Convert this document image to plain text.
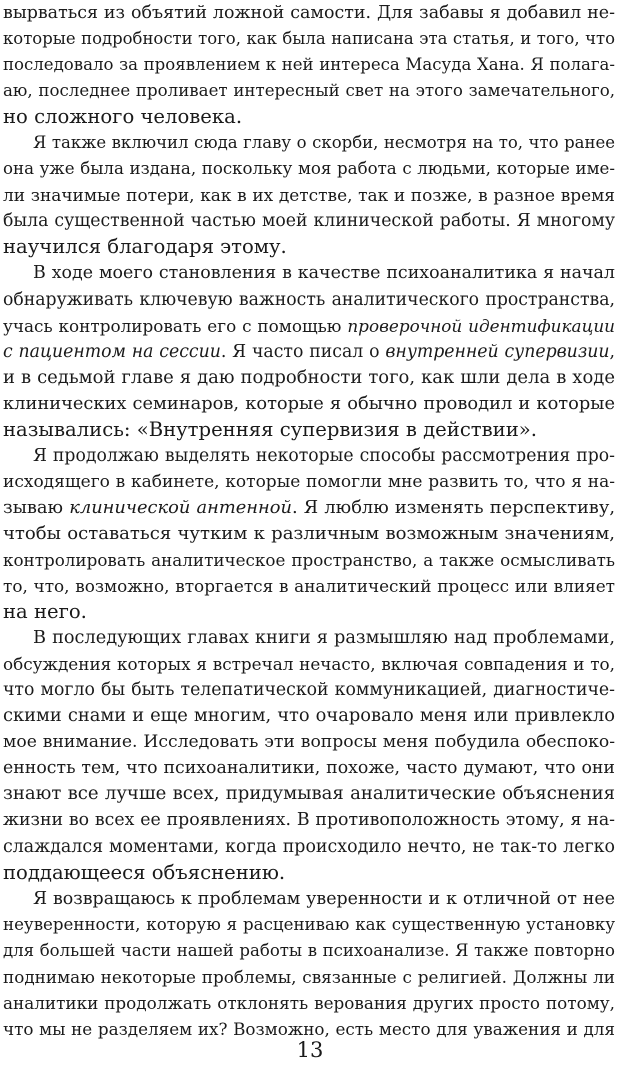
вырваться из объятий ложной самости. Для забавы я добавил не-
которые подробности того, как была написана эта статья, и того, что
последовало за проявлением к ней интереса Масуда Хана. Я полага-
аю, последнее проливает интересный свет на этого замечательного,
но сложного человека.
Я также включил сюда главу о скорби, несмотря на то, что ранее
она уже была издана, поскольку моя работа с людьми, которые име-
ли значимые потери, как в их детстве, так и позже, в разное время
была существенной частью моей клинической работы. Я многому
научился благодаря этому.
В ходе моего становления в качестве психоаналитика я начал
обнаруживать ключевую важность аналитического пространства,
учась контролировать его с помощью проверочной идентификации
с пациентом на сессии. Я часто писал о внутренней супервизии,
и в седьмой главе я даю подробности того, как шли дела в ходе
клинических семинаров, которые я обычно проводил и которые
назывались: «Внутренняя супервизия в действии».
Я продолжаю выделять некоторые способы рассмотрения про-
исходящего в кабинете, которые помогли мне развить то, что я на-
зываю клинической антенной. Я люблю изменять перспективу,
чтобы оставаться чутким к различным возможным значениям,
контролировать аналитическое пространство, а также осмысливать
то, что, возможно, вторгается в аналитический процесс или влияет
на него.
В последующих главах книги я размышляю над проблемами,
обсуждения которых я встречал нечасто, включая совпадения и то,
что могло бы быть телепатической коммуникацией, диагностиче-
скими снами и еще многим, что очаровало меня или привлекло
мое внимание. Исследовать эти вопросы меня побудила обеспоко-
енность тем, что психоаналитики, похоже, часто думают, что они
знают все лучше всех, придумывая аналитические объяснения
жизни во всех ее проявлениях. В противоположность этому, я на-
слаждался моментами, когда происходило нечто, не так-то легко
поддающееся объяснению.
Я возвращаюсь к проблемам уверенности и к отличной от нее
неуверенности, которую я расцениваю как существенную установку
для большей части нашей работы в психоанализе. Я также повторно
поднимаю некоторые проблемы, связанные с религией. Должны ли
аналитики продолжать отклонять верования других просто потому,
что мы не разделяем их? Возможно, есть место для уважения и для
13
